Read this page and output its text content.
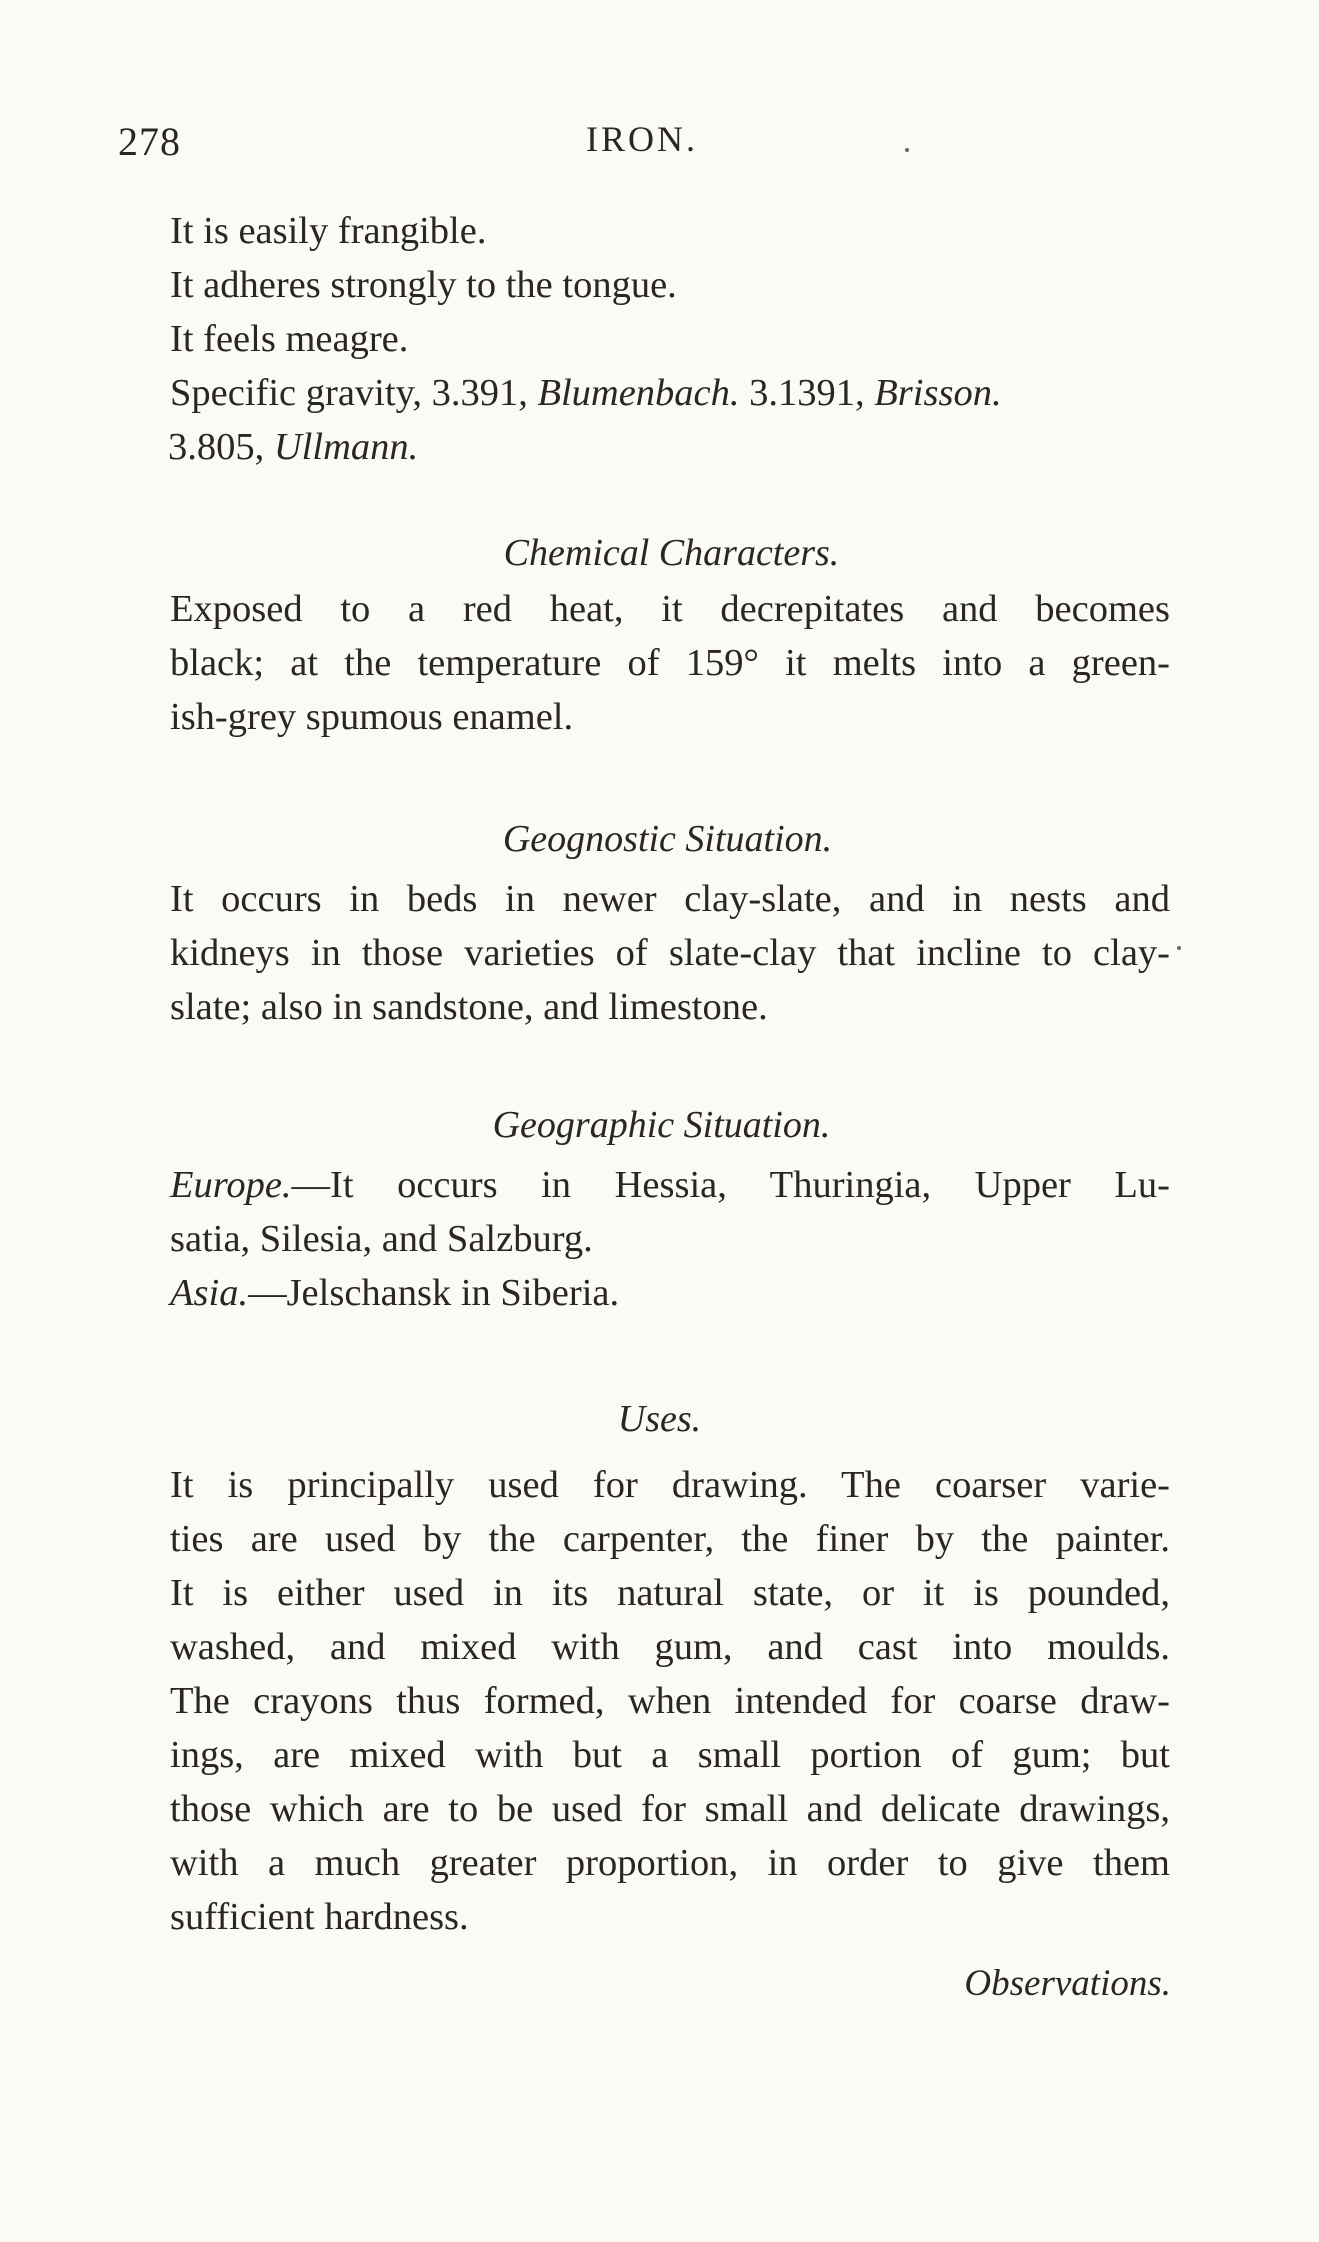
278	IRON.
It is easily frangible.
It adheres strongly to the tongue.
It feels meagre.
Specific gravity, 3.391, Blumenbach. 3.1391, Brisson.
3.805, Ullmann.
Chemical Characters.
Exposed to a red heat, it decrepitates and becomes
black; at the temperature of 159° it melts into a green-
ish-grey spumous enamel.
Geognostic Situation.
It occurs in beds in newer clay-slate, and in nests and
kidneys in those varieties of slate-clay that incline to clay-
slate; also in sandstone, and limestone.
Geographic Situation.
Europe.—It occurs in Hessia, Thuringia, Upper Lu-
satia, Silesia, and Salzburg.
Asia.—Jelschansk in Siberia.
Uses.
It is principally used for drawing. The coarser varie-
ties are used by the carpenter, the finer by the painter.
It is either used in its natural state, or it is pounded,
washed, and mixed with gum, and cast into moulds.
The crayons thus formed, when intended for coarse draw-
ings, are mixed with but a small portion of gum; but
those which are to be used for small and delicate drawings,
with a much greater proportion, in order to give them
sufficient hardness.
Observations.
